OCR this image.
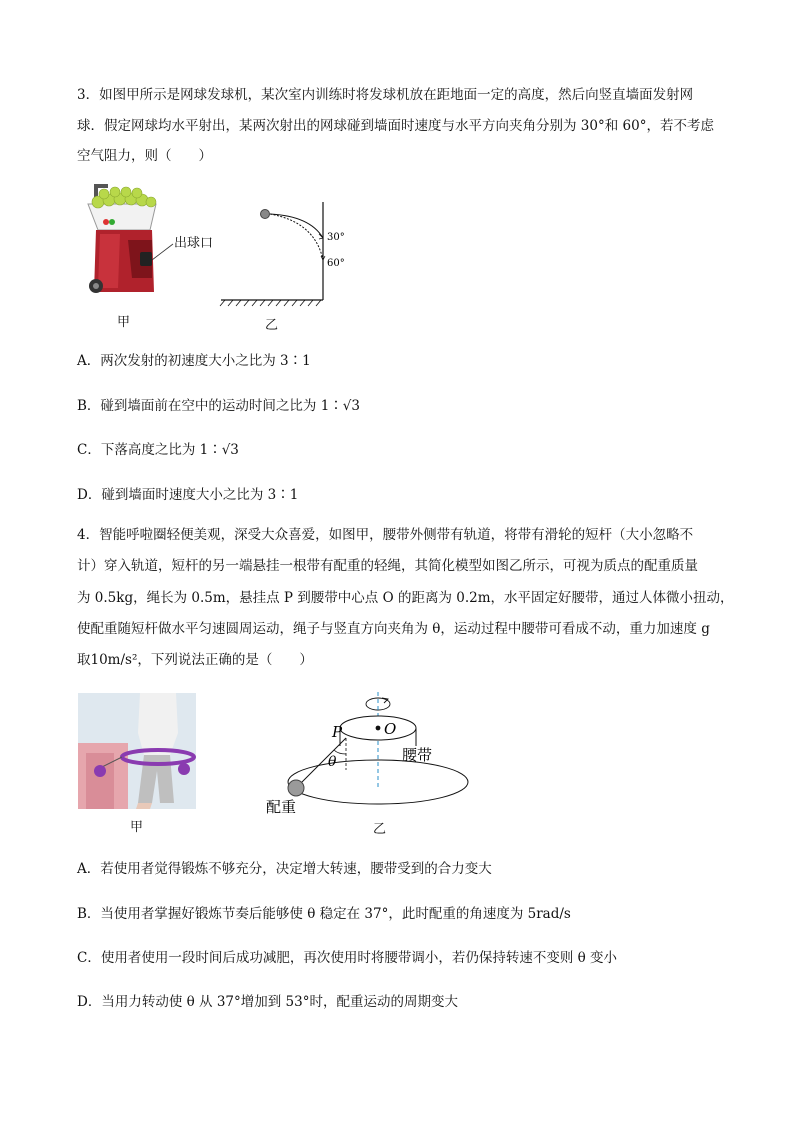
3．如图甲所示是网球发球机，某次室内训练时将发球机放在距地面一定的高度，然后向竖直墙面发射网
球．假定网球均水平射出，某两次射出的网球碰到墙面时速度与水平方向夹角分别为 30°和 60°，若不考虑
空气阻力，则（　　）
出球口
甲
30°
60°
乙
A．两次发射的初速度大小之比为 3∶1
B．碰到墙面前在空中的运动时间之比为 1∶√3
C．下落高度之比为 1∶√3
D．碰到墙面时速度大小之比为 3∶1
4．智能呼啦圈轻便美观，深受大众喜爱，如图甲，腰带外侧带有轨道，将带有滑轮的短杆（大小忽略不
计）穿入轨道，短杆的另一端悬挂一根带有配重的轻绳，其简化模型如图乙所示，可视为质点的配重质量
为 0.5kg，绳长为 0.5m，悬挂点 P 到腰带中心点 O 的距离为 0.2m，水平固定好腰带，通过人体微小扭动，
使配重随短杆做水平匀速圆周运动，绳子与竖直方向夹角为 θ，运动过程中腰带可看成不动，重力加速度 g
取10m/s²，下列说法正确的是（　　）
甲
P	O
θ	腰带
配重
乙
A．若使用者觉得锻炼不够充分，决定增大转速，腰带受到的合力变大
B．当使用者掌握好锻炼节奏后能够使 θ 稳定在 37°，此时配重的角速度为 5rad/s
C．使用者使用一段时间后成功减肥，再次使用时将腰带调小，若仍保持转速不变则 θ 变小
D．当用力转动使 θ 从 37°增加到 53°时，配重运动的周期变大
